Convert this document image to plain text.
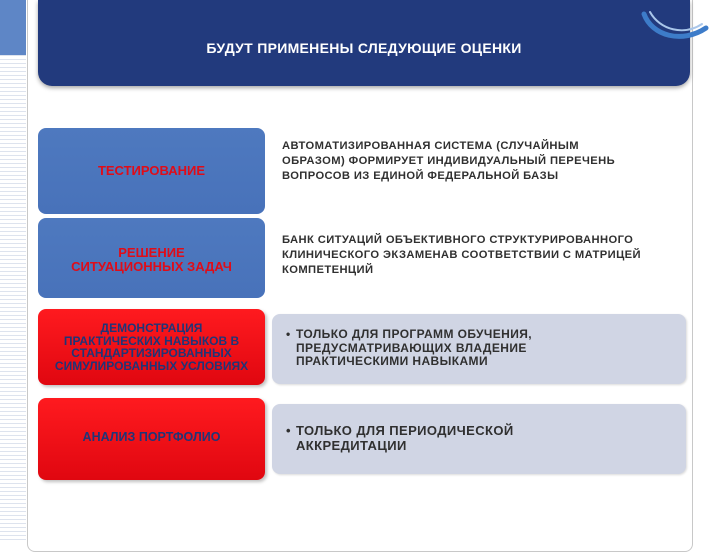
БУДУТ ПРИМЕНЕНЫ СЛЕДУЮЩИЕ ОЦЕНКИ
ТЕСТИРОВАНИЕ
АВТОМАТИЗИРОВАННАЯ СИСТЕМА (СЛУЧАЙНЫМ
ОБРАЗОМ) ФОРМИРУЕТ ИНДИВИДУАЛЬНЫЙ ПЕРЕЧЕНЬ
ВОПРОСОВ ИЗ ЕДИНОЙ ФЕДЕРАЛЬНОЙ БАЗЫ
РЕШЕНИЕ
СИТУАЦИОННЫХ ЗАДАЧ
БАНК СИТУАЦИЙ ОБЪЕКТИВНОГО СТРУКТУРИРОВАННОГО
КЛИНИЧЕСКОГО ЭКЗАМЕНАВ СООТВЕТСТВИИ С МАТРИЦЕЙ
КОМПЕТЕНЦИЙ
ДЕМОНСТРАЦИЯ
ПРАКТИЧЕСКИХ НАВЫКОВ В
СТАНДАРТИЗИРОВАННЫХ
СИМУЛИРОВАННЫХ УСЛОВИЯХ
• ТОЛЬКО ДЛЯ ПРОГРАММ ОБУЧЕНИЯ,
ПРЕДУСМАТРИВАЮЩИХ ВЛАДЕНИЕ
ПРАКТИЧЕСКИМИ НАВЫКАМИ
АНАЛИЗ ПОРТФОЛИО	• ТОЛЬКО ДЛЯ ПЕРИОДИЧЕСКОЙ
АККРЕДИТАЦИИ
